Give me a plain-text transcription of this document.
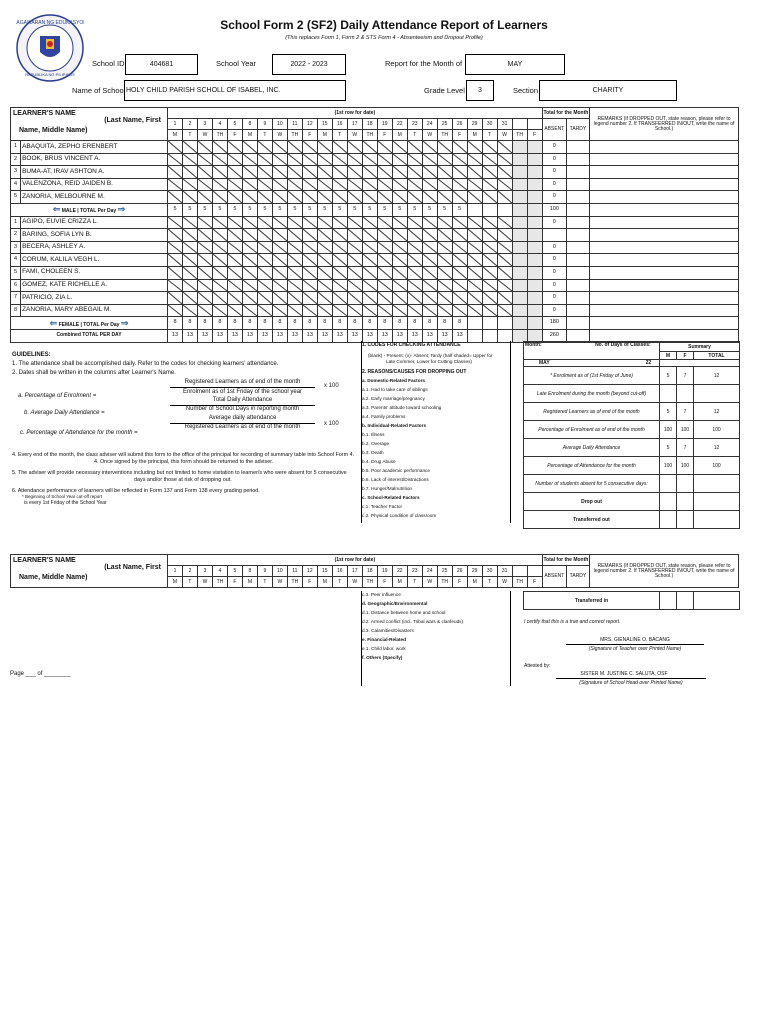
KAGAWARAN NG EDUKASYON
REPUBLIKA NG PILIPINAS
School Form 2 (SF2) Daily Attendance Report of Learners
(This replaces Form 1, Form 2 & STS Form 4 - Absenteeism and Dropout Profile)
School ID	404681	School Year	2022 - 2023	Report for the Month of	MAY
Name of School HOLY CHILD PARISH SCHOLL OF ISABEL, INC.	Grade Level	3	Section	CHARITY
LEARNER'S NAME
(Last Name, First
Name, Middle Name)		(1st row for date)																									Total for the Month		REMARKS (If DROPPED OUT, state reason, please refer to legend number 2. If TRANSFERRED IN/OUT, write the name of School.)
		1	2	3	4	5	8	9	10	11	12	15	16	17	18	19	22	23	24	25	26	29	30	31			ABSENT	TARDY	
		M	T	W	TH	F	M	T	W	TH	F	M	T	W	TH	F	M	T	W	TH	F	M	T	W	TH	F			
1	ABAQUITA, ZEPHO ERENBERT																										0		
2	BOOK, BRUS VINCENT A.																										0		
3	BUMA-AT, IRAV ASHTON A.																										0		
4	VALENZONA, REID JAIDEN B.																										0		
5	ZANORIA, MELBOURNE M.																										0		
⇐ MALE | TOTAL Per Day ⇒		5	5	5	5	5	5	5	5	5	5	5	5	5	5	5	5	5	5	5	5						100		
1	AGIPO, EUVIE CRIZZA L.																										0		
2	BARING, SOFIA LYN B.																												
3	BECERA, ASHLEY A.																										0		
4	CORUM, KALILA VEGH L.																										0		
5	FAMI, CHOLEEN S.																										0		
6	GOMEZ, KATE RICHELLE A.																										0		
7	PATRICIO, ZIA L.																										0		
8	ZANORIA, MARY ABEGAIL M.																										0		
⇐ FEMALE | TOTAL Per Day ⇒		8	8	8	8	8	8	8	8	8	8	8	8	8	8	8	8	8	8	8	8						180		
Combined TOTAL PER DAY		13	13	13	13	13	13	13	13	13	13	13	13	13	13	13	13	13	13	13	13						260		
GUIDELINES:
1. The attendance shall be accomplished daily. Refer to the codes for checking learners' attendance.
2. Dates shall be written in the columns after Learner's Name.
a. Percentage of Enrolment =
Registered Learners as of end of the month
Enrolment as of 1st Friday of the school year
x 100
b. Average Daily Attendance =
Total Daily Attendance
Number of School Days in reporting month
c. Percentage of Attendance for the month =
Average daily attendance
Registered Learners as of end of the month	x 100
4. Every end of the month, the class adviser will submit this form to the office of the principal for recording of summary table into School Form 4.
4. Once signed by the principal, this form should be returned to the adviser.
5. The adviser will provide necessary interventions including but not limited to home visitation to learner/s who were absent for 5 consecutive
days and/or those at risk of dropping out.
6. Attendance performance of learners will be reflected in Form 137 and Form 138 every grading period.
* Beginning of School Year cut-off report
is every 1st Friday of the School Year
1. CODES FOR CHECKING ATTENDANCE
(blank) - Present; (x)- Absent; Tardy (half shaded= Upper for
Late Commer, Lower for Cutting Classes)
2. REASONS/CAUSES FOR DROPPING OUT
a. Domestic-Related Factors
a.1. Had to take care of siblings
a.2. Early marriage/pregnancy
a.3. Parents' attitude toward schooling
a.4. Family problems
b. Individual-Related Factors
b.1. Illness
b.2. Overage
b.3. Death
b.4. Drug Abuse
b.5. Poor academic performance
b.6. Lack of interest/Distractions
b.7. Hunger/Malnutrition
c. School-Related Factors
c.1. Teacher Factor
c.2. Physical condition of classroom
Month: No. of Days of Classes:	Summary		
	M	F	TOTAL
MAY 22			
* Enrolment as of (1st Friday of June)	5	7	12
Late Enrolment during the month (beyond cut-off)			
Registered Learners as of end of the month	5	7	12
Percentage of Enrolment as of end of the month	100	100	100
Average Daily Attendance	5	7	12
Percentage of Attendance for the month	100	100	100
Number of students absent for 5 consecutive days:			
Drop out			
Transferred out			
LEARNER'S NAME
(Last Name, First
Name, Middle Name)	(1st row for date)																									Total for the Month		REMARKS (If DROPPED OUT, state reason, please refer to legend number 2. If TRANSFERRED IN/OUT, write the name of School.)
	1	2	3	4	5	8	9	10	11	12	15	16	17	18	19	22	23	24	25	26	29	30	31			ABSENT	TARDY	
	M	T	W	TH	F	M	T	W	TH	F	M	T	W	TH	F	M	T	W	TH	F	M	T	W	TH	F			
c.3. Peer influence
d. Geographic/Environmental
d.1. Distance between home and school
d.2. Armed conflict (incl. Tribal wars & clanfeuds)
d.3. Calamities/Disasters
e. Financial-Related
e.1. Child labor, work
f. Others (Specify)
Transferred in			
I certify that this is a true and correct report.
MRS. GIENALINE O. BACANG
(Signature of Teacher over Printed Name)
Attested by:
SISTER M. JUSTINE C. SALUTA, OSF
(Signature of School Head over Printed Name)
Page ___ of ________
